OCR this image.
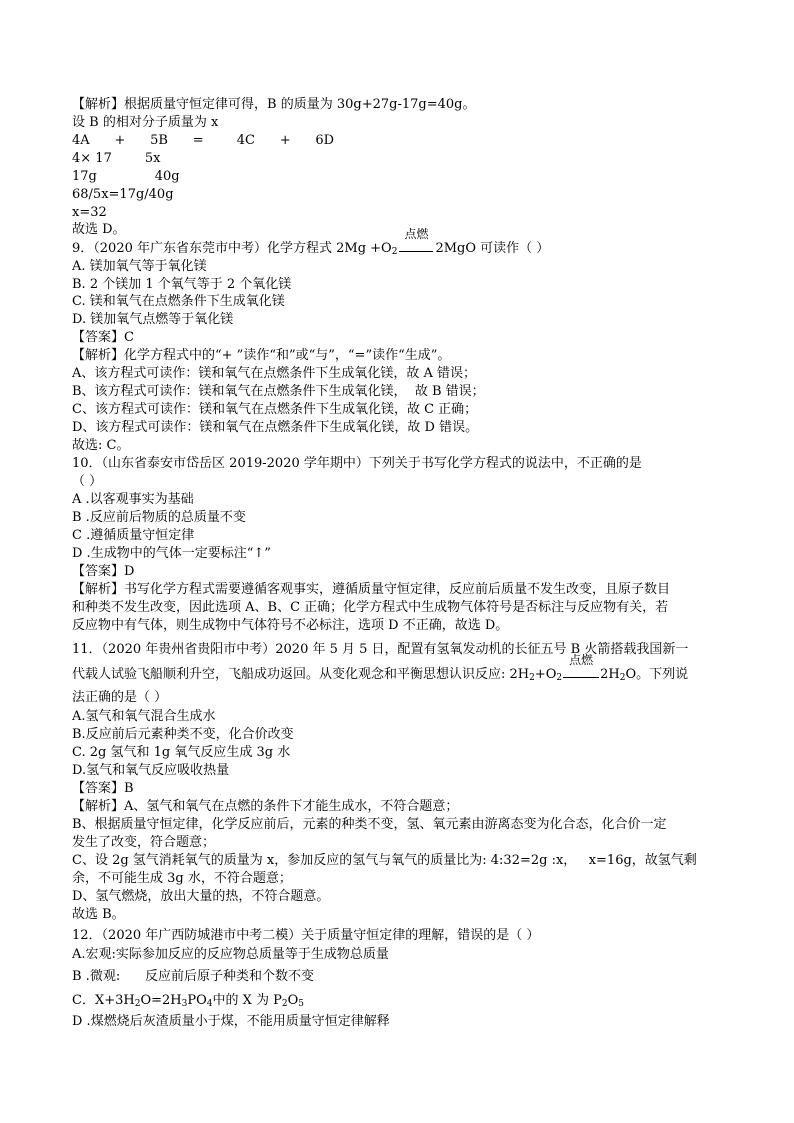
【解析】根据质量守恒定律可得，B 的质量为 30g+27g-17g=40g。
设 B 的相对分子质量为 x
4A      +      5B      =        4C      +      6D
4× 17        5x
17g              40g
68/5x=17g/40g
x=32
故选 D。
9．（2020 年广东省东莞市中考）化学方程式 $2Mg +O_2$
点燃
2MgO 可读作（ ）
A. 镁加氧气等于氧化镁
B. 2 个镁加 1 个氧气等于 2 个氧化镁
C. 镁和氧气在点燃条件下生成氧化镁
D. 镁加氧气点燃等于氧化镁
【答案】C
【解析】化学方程式中的“+ ”读作“和”或“与”，“=”读作“生成”。
A、该方程式可读作：镁和氧气在点燃条件下生成氧化镁，故 A 错误；
B、该方程式可读作：镁和氧气在点燃条件下生成氧化镁，  故 B 错误；
C、该方程式可读作：镁和氧气在点燃条件下生成氧化镁，故 C 正确；
D、该方程式可读作：镁和氧气在点燃条件下生成氧化镁，故 D 错误。
故选: C。
10．（山东省泰安市岱岳区 2019-2020 学年期中）下列关于书写化学方程式的说法中，不正确的是
（ ）
A .以客观事实为基础
B .反应前后物质的总质量不变
C .遵循质量守恒定律
D .生成物中的气体一定要标注“↑”
【答案】D
【解析】书写化学方程式需要遵循客观事实，遵循质量守恒定律，反应前后质量不发生改变，且原子数目
和种类不发生改变，因此选项 A、B、C 正确；化学方程式中生成物气体符号是否标注与反应物有关，若
反应物中有气体，则生成物中气体符号不必标注，选项 D 不正确，故选 D。
11．（2020 年贵州省贵阳市中考）2020 年 5 月 5 日，配置有氢氧发动机的长征五号 B 火箭搭载我国新一
代载人试验飞船顺利升空，飞船成功返回。从变化观念和平衡思想认识反应: $2H_2+O_2$
点燃
$2H_2O$。下列说
法正确的是（ ）
A.氢气和氧气混合生成水
B.反应前后元素种类不变，化合价改变
C. 2g 氢气和 1g 氧气反应生成 3g 水
D.氢气和氧气反应吸收热量
【答案】B
【解析】A、氢气和氧气在点燃的条件下才能生成水，不符合题意；
B、根据质量守恒定律，化学反应前后，元素的种类不变，氢、氧元素由游离态变为化合态，化合价一定
发生了改变，符合题意；
C、设 2g 氢气消耗氧气的质量为 x，参加反应的氢气与氧气的质量比为: 4:32=2g :x，   x=16g，故氢气剩
余，不可能生成 3g 水，不符合题意；
D、氢气燃烧，放出大量的热，不符合题意。
故选 B。
12．（2020 年广西防城港市中考二模）关于质量守恒定律的理解，错误的是（ ）
A.宏观:实际参加反应的反应物总质量等于生成物总质量
B .微观:      反应前后原子种类和个数不变
C．$X+3H_2O=2H_3PO_4$中的 X 为 $P_2O_5$
D .煤燃烧后灰渣质量小于煤，不能用质量守恒定律解释
